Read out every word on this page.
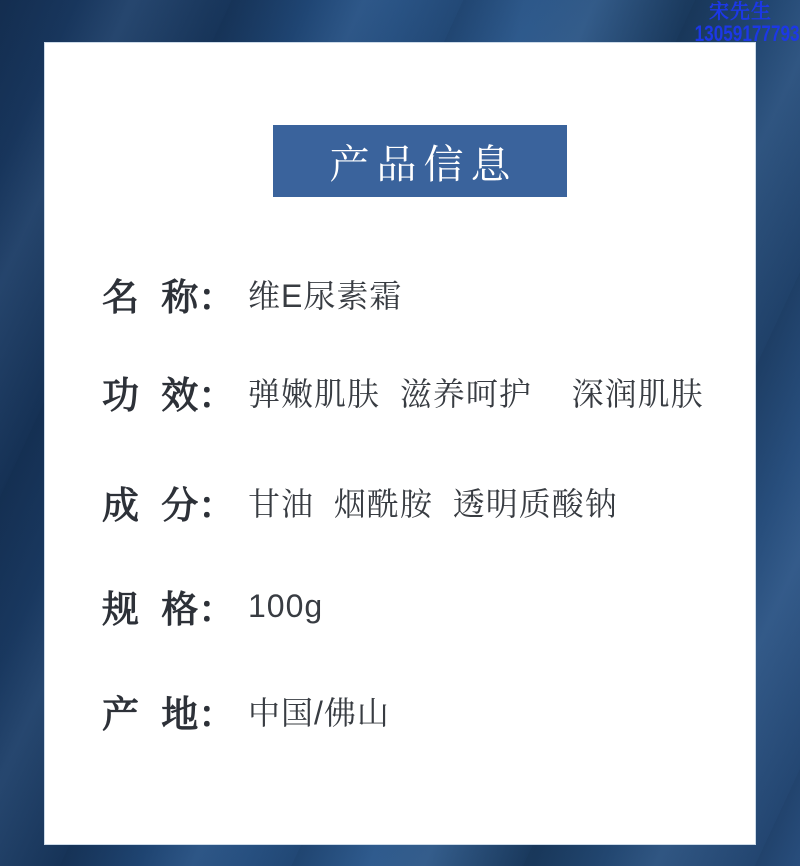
宋先生
13059177793
产品信息
名 称： 维E尿素霜
功 效： 弹嫩肌肤 滋养呵护  深润肌肤
成 分： 甘油 烟酰胺 透明质酸钠
规 格： 100g
产 地： 中国/佛山
